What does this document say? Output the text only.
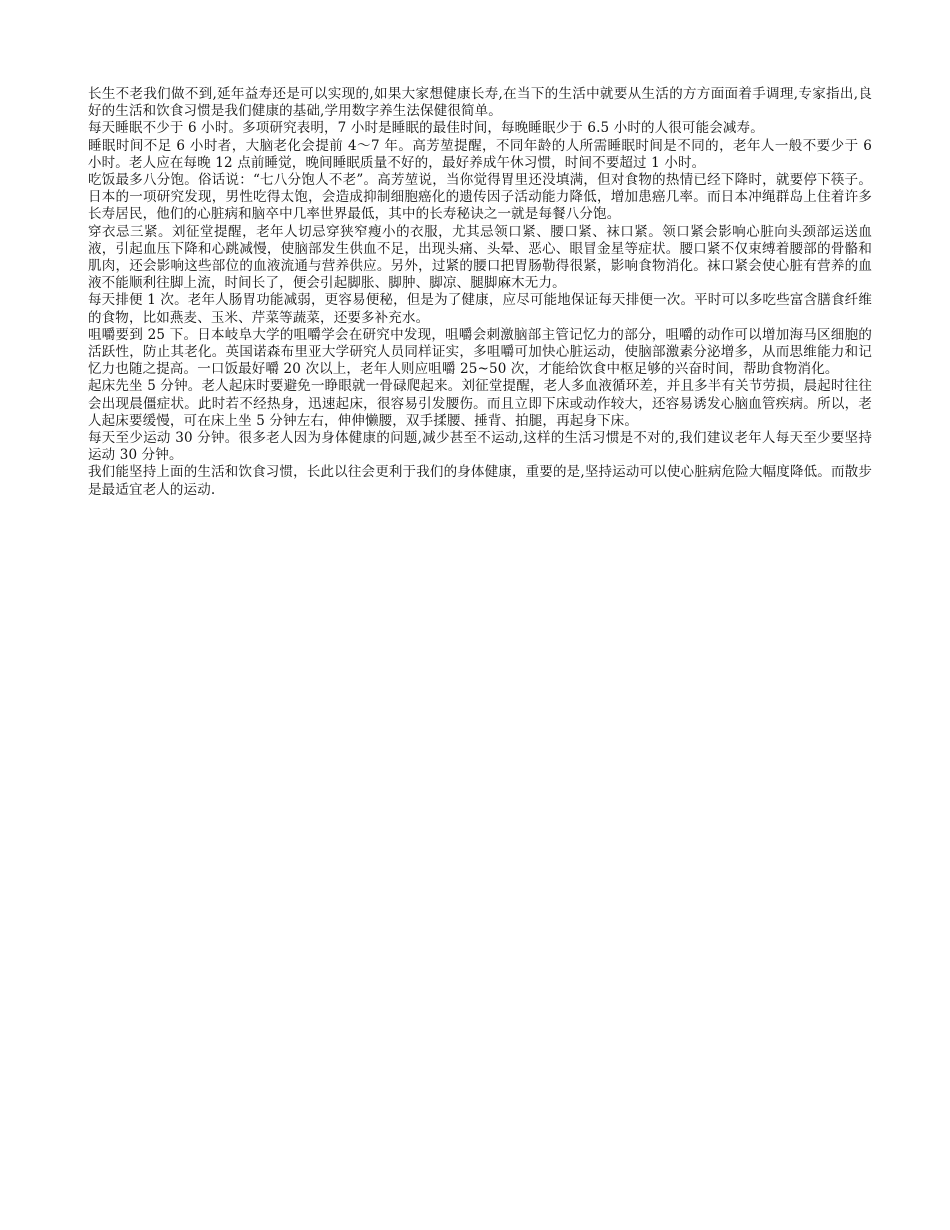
长生不老我们做不到,延年益寿还是可以实现的,如果大家想健康长寿,在当下的生活中就要从生活的方方面面着手调理,专家指出,良好的生活和饮食习惯是我们健康的基础,学用数字养生法保健很简单。

每天睡眠不少于 6 小时。多项研究表明，7 小时是睡眠的最佳时间，每晚睡眠少于 6.5 小时的人很可能会减寿。

睡眠时间不足 6 小时者，大脑老化会提前 4～7 年。高芳堃提醒，不同年龄的人所需睡眠时间是不同的，老年人一般不要少于 6 小时。老人应在每晚 12 点前睡觉，晚间睡眠质量不好的，最好养成午休习惯，时间不要超过 1 小时。

吃饭最多八分饱。俗话说：“七八分饱人不老”。高芳堃说，当你觉得胃里还没填满，但对食物的热情已经下降时，就要停下筷子。日本的一项研究发现，男性吃得太饱，会造成抑制细胞癌化的遗传因子活动能力降低，增加患癌几率。而日本冲绳群岛上住着许多长寿居民，他们的心脏病和脑卒中几率世界最低，其中的长寿秘诀之一就是每餐八分饱。

穿衣忌三紧。刘征堂提醒，老年人切忌穿狭窄瘦小的衣服，尤其忌领口紧、腰口紧、袜口紧。领口紧会影响心脏向头颈部运送血液，引起血压下降和心跳减慢，使脑部发生供血不足，出现头痛、头晕、恶心、眼冒金星等症状。腰口紧不仅束缚着腰部的骨骼和肌肉，还会影响这些部位的血液流通与营养供应。另外，过紧的腰口把胃肠勒得很紧，影响食物消化。袜口紧会使心脏有营养的血液不能顺利往脚上流，时间长了，便会引起脚胀、脚肿、脚凉、腿脚麻木无力。

每天排便 1 次。老年人肠胃功能减弱，更容易便秘，但是为了健康，应尽可能地保证每天排便一次。平时可以多吃些富含膳食纤维的食物，比如燕麦、玉米、芹菜等蔬菜，还要多补充水。

咀嚼要到 25 下。日本岐阜大学的咀嚼学会在研究中发现，咀嚼会刺激脑部主管记忆力的部分，咀嚼的动作可以增加海马区细胞的活跃性，防止其老化。英国诺森布里亚大学研究人员同样证实，多咀嚼可加快心脏运动，使脑部激素分泌增多，从而思维能力和记忆力也随之提高。一口饭最好嚼 20 次以上，老年人则应咀嚼 25~50 次，才能给饮食中枢足够的兴奋时间，帮助食物消化。

起床先坐 5 分钟。老人起床时要避免一睁眼就一骨碌爬起来。刘征堂提醒，老人多血液循环差，并且多半有关节劳损，晨起时往往会出现晨僵症状。此时若不经热身，迅速起床，很容易引发腰伤。而且立即下床或动作较大，还容易诱发心脑血管疾病。所以，老人起床要缓慢，可在床上坐 5 分钟左右，伸伸懒腰，双手揉腰、捶背、拍腿，再起身下床。

每天至少运动 30 分钟。很多老人因为身体健康的问题,减少甚至不运动,这样的生活习惯是不对的,我们建议老年人每天至少要坚持运动 30 分钟。

我们能坚持上面的生活和饮食习惯，长此以往会更利于我们的身体健康，重要的是,坚持运动可以使心脏病危险大幅度降低。而散步是最适宜老人的运动.
